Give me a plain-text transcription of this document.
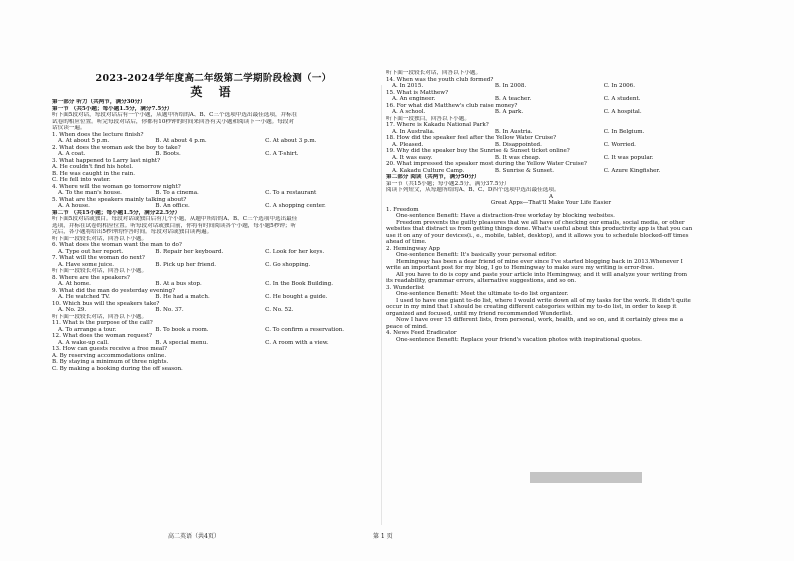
2023-2024学年度高二年级第二学期阶段检测（一）
英 语
第一部分 听力（共两节，满分30分）
第一节 （共5小题；每小题1.5分，满分7.5分）
听下面5段对话，每段对话后有一个小题，从题中所给的A、B、C三个选项中选出最佳选项，并标在
试卷的相应位置。听完每段对话后，你都有10秒钟的时间来回答有关小题和阅读下一小题。每段对
话仅读一遍。
1. When does the lecture finish?
A. At about 5 p.m.	B. At about 4 p.m.	C. At about 3 p.m.
2. What does the woman ask the boy to take?
A. A coat.	B. Boots.	C. A T-shirt.
3. What happened to Larry last night?
A. He couldn't find his hotel.
B. He was caught in the rain.
C. He fell into water.
4. Where will the woman go tomorrow night?
A. To the man's house.	B. To a cinema.	C. To a restaurant
5. What are the speakers mainly talking about?
A. A house.	B. An office.	C. A shopping center.
第二节 （共15小题；每小题1.5分，满分22.5分）
听下面5段对话或独白。每段对话或独白后有几个小题，从题中所给的A、B、C三个选项中选出最佳
选项，并标在试卷的相应位置。听每段对话或独白前，你将有时间阅读各个小题，每小题5秒钟；听
完后，各小题将给出5秒钟的作答时间。每段对话或独白读两遍。
听下面一段较长对话，回答以下小题。
6. What does the woman want the man to do?
A. Type out her report.	B. Repair her keyboard.	C. Look for her keys.
7. What will the woman do next?
A. Have some juice.	B. Pick up her friend.	C. Go shopping.
听下面一段较长对话，回答以下小题。
8. Where are the speakers?
A. At home.	B. At a bus stop.	C. In the Book Building.
9. What did the man do yesterday evening?
A. He watched TV.	B. He had a match.	C. He bought a guide.
10. Which bus will the speakers take?
A. No. 29.	B. No. 37.	C. No. 52.
听下面一段较长对话，回答以下小题。
11. What is the purpose of the call?
A. To arrange a tour.	B. To book a room.	C. To confirm a reservation.
12. What does the woman request?
A. A wake-up call.	B. A special menu.	C. A room with a view.
13. How can guests receive a free meal?
A. By reserving accommodations online.
B. By staying a minimum of three nights.
C. By making a booking during the off season.
听下面一段较长对话，回答以下小题。
14. When was the youth club formed?
A. In 2015.	B. In 2008.	C. In 2006.
15. What is Matthew?
A. An engineer.	B. A teacher.	C. A student.
16. For what did Matthew's club raise money?
A. A school.	B. A park.	C. A hospital.
听下面一段独白，回答以下小题。
17. Where is Kakadu National Park?
A. In Australia.	B. In Austria.	C. In Belgium.
18. How did the speaker feel after the Yellow Water Cruise?
A. Pleased.	B. Disappointed.	C. Worried.
19. Why did the speaker buy the Sunrise & Sunset ticket online?
A. It was easy.	B. It was cheap.	C. It was popular.
20. What impressed the speaker most during the Yellow Water Cruise?
A. Kakadu Culture Camp.	B. Sunrise & Sunset.	C. Azure Kingfisher.
第二部分 阅读（共两节，满分50分）
第一节（共15小题；每小题2.5分，满分37.5分）
阅读下列短文，从每题所给的A、B、C、D四个选项中选出最佳选项。
A
Great Apps—That'll Make Your Life Easier
1. Freedom
One-sentence Benefit: Have a distraction-free workday by blocking websites.
Freedom prevents the guilty pleasures that we all have of checking our emails, social media, or other
websites that distract us from getting things done. What's useful about this productivity app is that you can
use it on any of your devices(i., e., mobile, tablet, desktop), and it allows you to schedule blocked-off times
ahead of time.
2. Hemingway App
One-sentence Benefit: It's basically your personal editor.
Hemingway has been a dear friend of mine ever since I've started blogging back in 2013.Whenever I
write an important post for my blog, I go to Hemingway to make sure my writing is error-free.
All you have to do is copy and paste your article into Hemingway, and it will analyze your writing from
its readability, grammar errors, alternative suggestions, and so on.
3. Wunderlist
One-sentence Benefit: Meet the ultimate to-do list organizer.
I used to have one giant to-do list, where I would write down all of my tasks for the work. It didn't quite
occur in my mind that I should be creating different categories within my to-do list, in order to keep it
organized and focused, until my friend recommended Wunderlist.
Now I have over 15 different lists, from personal, work, health, and so on, and it certainly gives me a
peace of mind.
4. News Feed Eradicator
One-sentence Benefit: Replace your friend's vacation photos with inspirational quotes.
高二英语（共4页）	第 1 页
